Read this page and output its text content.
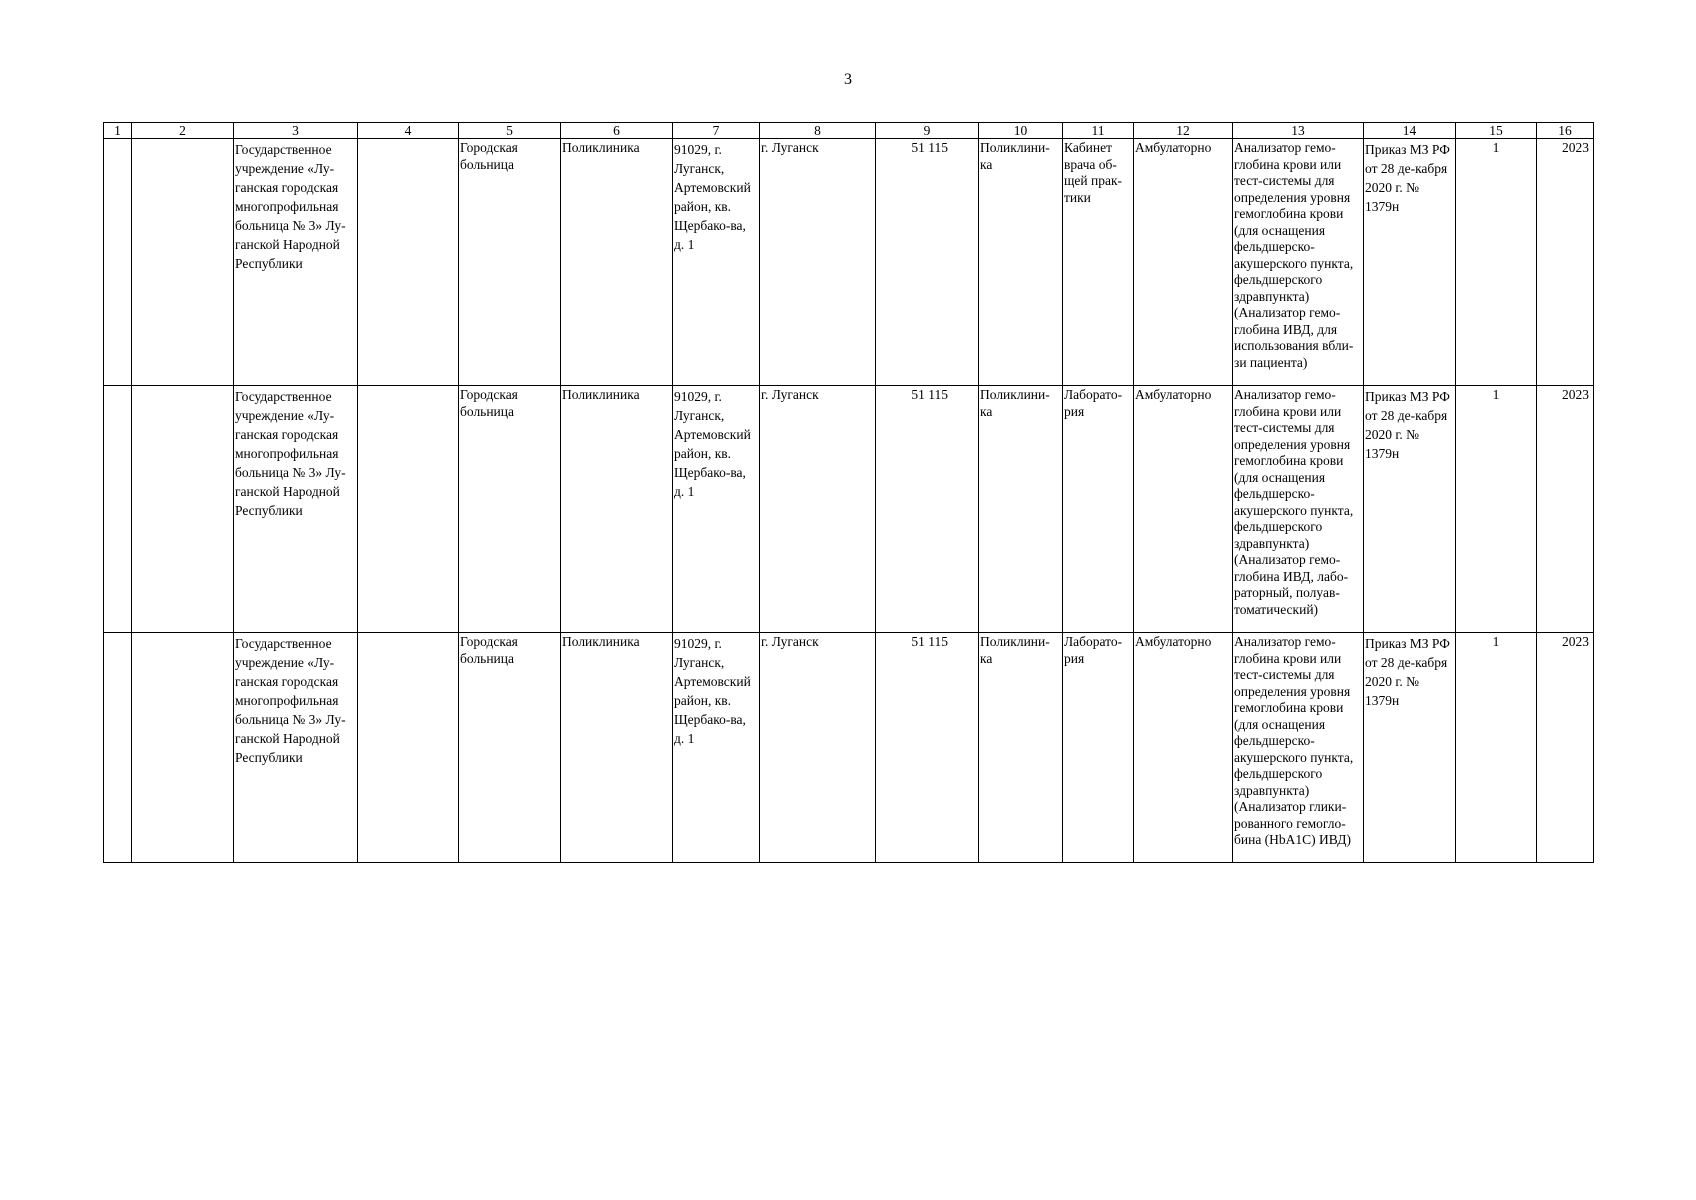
3
1	2	3	4	5	6	7	8	9	10	11	12	13	14	15	16
		Государственное учреждение «Лу-ганская городская многопрофильная больница № 3» Лу-ганской Народной Республики		Городская больница	Поликлиника	91029, г. Луганск, Артемовский район, кв. Щербако-ва, д. 1	г. Луганск	51 115	Поликлини-ка	Кабинет врача об-щей прак-тики	Амбулаторно	Анализатор гемо-глобина крови или тест-системы для определения уровня гемоглобина крови (для оснащения фельдшерско-акушерского пункта, фельдшерского здравпункта) (Анализатор гемо-глобина ИВД, для использования вбли-зи пациента)	Приказ МЗ РФ от 28 де-кабря 2020 г. № 1379н	1	2023
		Государственное учреждение «Лу-ганская городская многопрофильная больница № 3» Лу-ганской Народной Республики		Городская больница	Поликлиника	91029, г. Луганск, Артемовский район, кв. Щербако-ва, д. 1	г. Луганск	51 115	Поликлини-ка	Лаборато-рия	Амбулаторно	Анализатор гемо-глобина крови или тест-системы для определения уровня гемоглобина крови (для оснащения фельдшерско-акушерского пункта, фельдшерского здравпункта) (Анализатор гемо-глобина ИВД, лабо-раторный, полуав-томатический)	Приказ МЗ РФ от 28 де-кабря 2020 г. № 1379н	1	2023
		Государственное учреждение «Лу-ганская городская многопрофильная больница № 3» Лу-ганской Народной Республики		Городская больница	Поликлиника	91029, г. Луганск, Артемовский район, кв. Щербако-ва, д. 1	г. Луганск	51 115	Поликлини-ка	Лаборато-рия	Амбулаторно	Анализатор гемо-глобина крови или тест-системы для определения уровня гемоглобина крови (для оснащения фельдшерско-акушерского пункта, фельдшерского здравпункта) (Анализатор глики-рованного гемогло-бина (HbA1C) ИВД)	Приказ МЗ РФ от 28 де-кабря 2020 г. № 1379н	1	2023
